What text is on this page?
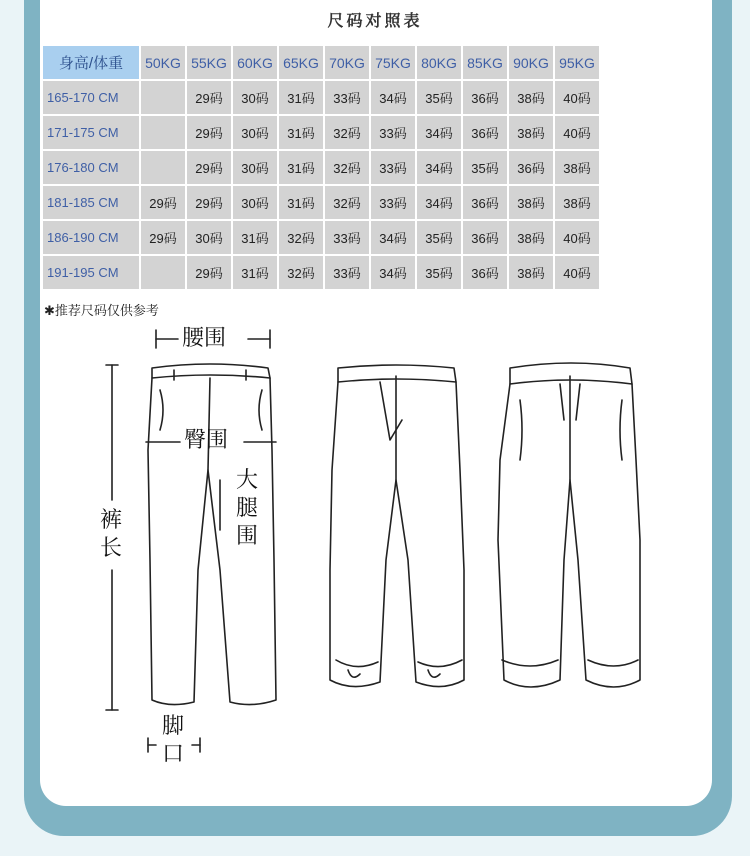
尺码对照表
身高/体重	50KG	55KG	60KG	65KG	70KG	75KG	80KG	85KG	90KG	95KG
165-170 CM		29码	30码	31码	33码	34码	35码	36码	38码	40码
171-175 CM		29码	30码	31码	32码	33码	34码	36码	38码	40码
176-180 CM		29码	30码	31码	32码	33码	34码	35码	36码	38码
181-185 CM	29码	29码	30码	31码	32码	33码	34码	36码	38码	38码
186-190 CM	29码	30码	31码	32码	33码	34码	35码	36码	38码	40码
191-195 CM		29码	31码	32码	33码	34码	35码	36码	38码	40码
✱推荐尺码仅供参考
腰围
臀围
大
腿
围
裤
长
脚
口
